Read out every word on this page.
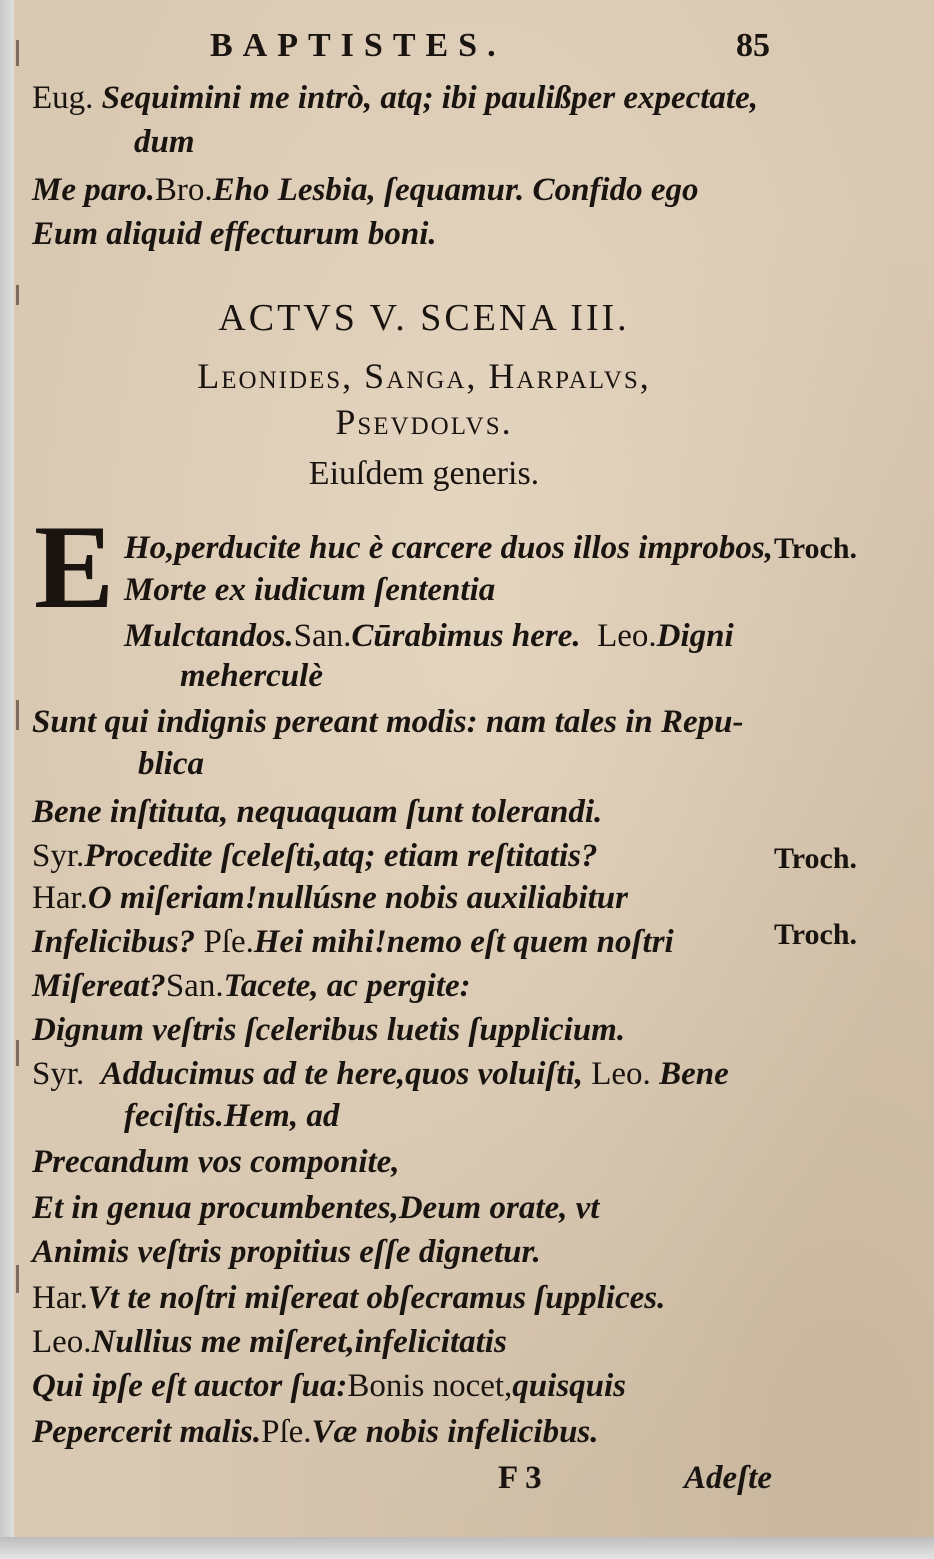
BAPTISTES.	85
Eug. Sequimini me intrò, atq; ibi paulißper expectate,
dum
Me paro.Bro.Eho Lesbia, ſequamur. Confido ego
Eum aliquid effecturum boni.
ACTVS V. SCENA III.
Leonides, Sanga, Harpalvs,
Psevdolvs.
Eiuſdem generis.
E Ho,perducite huc è carcere duos illos improbos,
Morte ex iudicum ſententia
Mulctandos.San.Cūrabimus here. Leo.Digni
meherculè
Sunt qui indignis pereant modis: nam tales in Repu-
blica
Bene inſtituta, nequaquam ſunt tolerandi.
Syr.Procedite ſceleſti,atq; etiam reſtitatis?
Har.O miſeriam!nullúsne nobis auxiliabitur
Infelicibus? Pſe.Hei mihi!nemo eſt quem noſtri
Miſereat?San.Tacete, ac pergite:
Dignum veſtris ſceleribus luetis ſupplicium.
Syr. Adducimus ad te here,quos voluiſti, Leo. Bene
feciſtis.Hem, ad
Precandum vos componite,
Et in genua procumbentes,Deum orate, vt
Animis veſtris propitius eſſe dignetur.
Har.Vt te noſtri miſereat obſecramus ſupplices.
Leo.Nullius me miſeret,infelicitatis
Qui ipſe eſt auctor ſua:Bonis nocet,quisquis
Pepercerit malis.Pſe.Væ nobis infelicibus.
Troch.
Troch.
Troch.
F 3	Adeſte
